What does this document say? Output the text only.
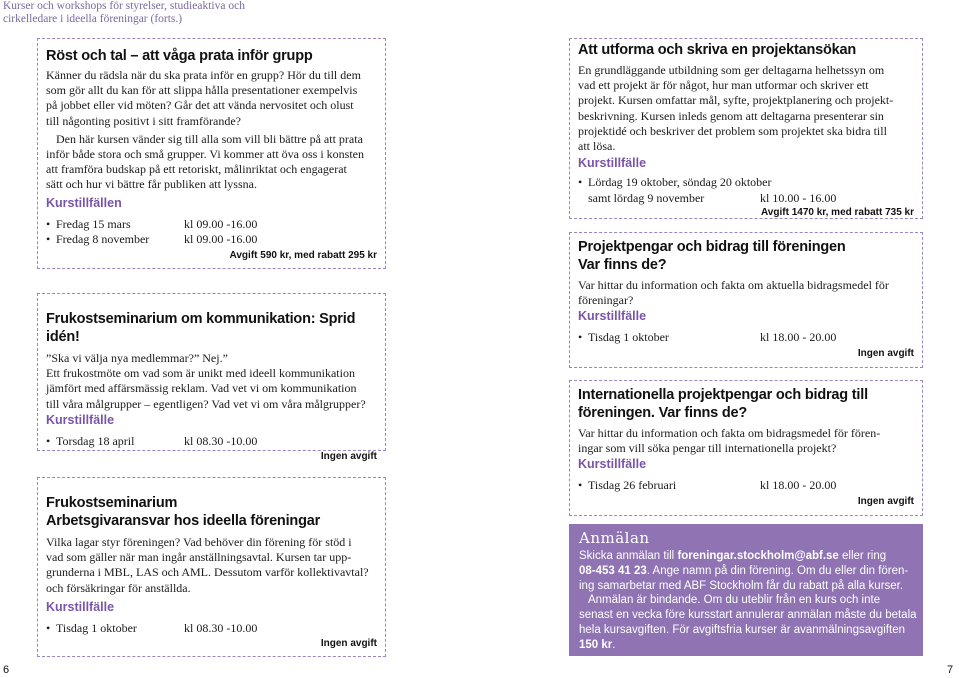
Kurser och workshops för styrelser, studieaktiva och
cirkelledare i ideella föreningar (forts.)
Röst och tal – att våga prata inför grupp

Känner du rädsla när du ska prata inför en grupp? Hör du till dem

som gör allt du kan för att slippa hålla presentationer exempelvis

på jobbet eller vid möten? Går det att vända nervositet och olust

till någonting positivt i sitt framförande?

Den här kursen vänder sig till alla som vill bli bättre på att prata

inför både stora och små grupper. Vi kommer att öva oss i konsten

att framföra budskap på ett retoriskt, målinriktat och engagerat

sätt och hur vi bättre får publiken att lyssna.

Kurstillfällen
• Fredag 15 mars	kl 09.00 -16.00
• Fredag 8 november	kl 09.00 -16.00
Avgift 590 kr, med rabatt 295 kr
Frukostseminarium om kommunikation: Sprid idén!

”Ska vi välja nya medlemmar?” Nej.”

Ett frukostmöte om vad som är unikt med ideell kommunikation

jämfört med affärsmässig reklam. Vad vet vi om kommunikation

till våra målgrupper – egentligen? Vad vet vi om våra målgrupper?

Kurstillfälle
• Torsdag 18 april	kl 08.30 -10.00
Ingen avgift
Frukostseminarium
Arbetsgivaransvar hos ideella föreningar

Vilka lagar styr föreningen? Vad behöver din förening för stöd i

vad som gäller när man ingår anställningsavtal. Kursen tar upp-

grunderna i MBL, LAS och AML. Dessutom varför kollektivavtal?

och försäkringar för anställda.

Kurstillfälle
• Tisdag 1 oktober	kl 08.30 -10.00
Ingen avgift
Att utforma och skriva en projektansökan

En grundläggande utbildning som ger deltagarna helhetssyn om

vad ett projekt är för något, hur man utformar och skriver ett

projekt. Kursen omfattar mål, syfte, projektplanering och projekt-

beskrivning. Kursen inleds genom att deltagarna presenterar sin

projektidé och beskriver det problem som projektet ska bidra till

att lösa.

Kurstillfälle
• Lördag 19 oktober, söndag 20 oktober
samt lördag 9 november	kl 10.00 - 16.00
Avgift 1470 kr, med rabatt 735 kr
Projektpengar och bidrag till föreningen
Var finns de?

Var hittar du information och fakta om aktuella bidragsmedel för

föreningar?

Kurstillfälle
• Tisdag 1 oktober	kl 18.00 - 20.00
Ingen avgift
Internationella projektpengar och bidrag till
föreningen. Var finns de?

Var hittar du information och fakta om bidragsmedel för fören-

ingar som vill söka pengar till internationella projekt?

Kurstillfälle
• Tisdag 26 februari	kl 18.00 - 20.00
Ingen avgift
Anmälan
Skicka anmälan till foreningar.stockholm@abf.se eller ring
08-453 41 23. Ange namn på din förening. Om du eller din fören-
ing samarbetar med ABF Stockholm får du rabatt på alla kurser.
Anmälan är bindande. Om du uteblir från en kurs och inte
senast en vecka före kursstart annulerar anmälan måste du betala
hela kursavgiften. För avgiftsfria kurser är avanmälningsavgiften
150 kr.
6	7
